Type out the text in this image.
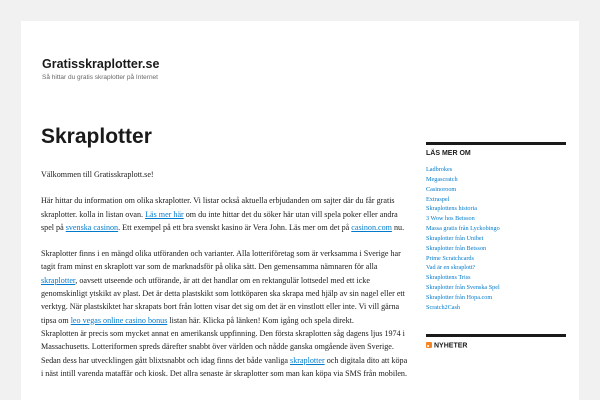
Gratisskraplotter.se
Så hittar du gratis skraplotter på Internet
Skraplotter

Välkommen till Gratisskraplott.se!

Här hittar du information om olika skraplotter. Vi listar också aktuella erbjudanden om sajter där du får gratis skraplotter. kolla in listan ovan. Läs mer här om du inte hittar det du söker här utan vill spela poker eller andra spel på svenska casinon. Ett exempel på ett bra svenskt kasino är Vera John. Läs mer om det på casinon.com nu.

Skraplotter finns i en mängd olika utföranden och varianter. Alla lotteriföretag som är verksamma i Sverige har tagit fram minst en skraplott var som de marknadsför på olika sätt. Den gemensamma nämnaren för alla skraplotter, oavsett utseende och utförande, är att det handlar om en rektangulär lottsedel med ett icke genomskinligt ytskikt av plast. Det är detta plastskikt som lottköparen ska skrapa med hjälp av sin nagel eller ett verktyg. När plastskiktet har skrapats bort från lotten visar det sig om det är en vinstlott eller inte. Vi vill gärna tipsa om leo vegas online casino bonus listan här. Klicka på länken! Kom igång och spela direkt.

Skraplotten är precis som mycket annat en amerikansk uppfinning. Den första skraplotten såg dagens ljus 1974 i Massachusetts. Lotteriformen spreds därefter snabbt över världen och nådde ganska omgående även Sverige. Sedan dess har utvecklingen gått blixtsnabbt och idag finns det både vanliga skraplotter och digitala dito att köpa i näst intill varenda mataffär och kiosk. Det allra senaste är skraplotter som man kan köpa via SMS från mobilen.

LÄS MER OM
Ladbrokes
Megascratch
Casinoroom
Extraspel
Skraplottens historia
3 Wow hos Betsson
Massa gratis från Lyckobingo
Skraplotter från Unibet
Skraplotter från Betsson
Prime Scratchcards
Vad är en skraplott?
Skraplottens Triss
Skraplotter från Svenska Spel
Skraplotter från Hopa.com
Scratch2Cash
NYHETER
